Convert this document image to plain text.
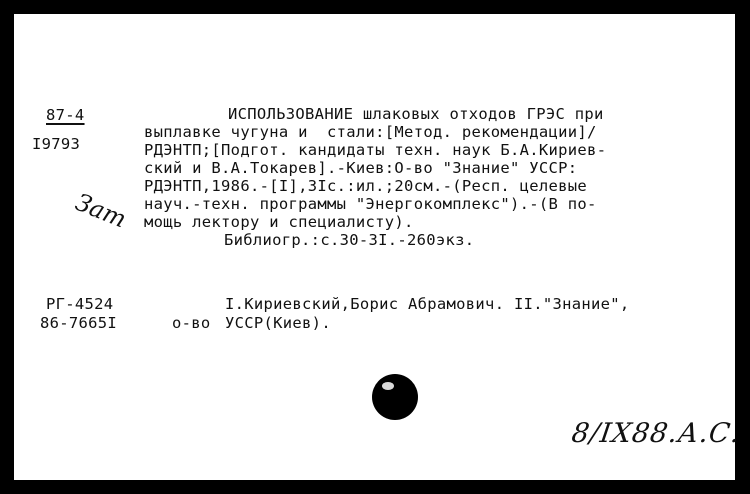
87-4
I9793
ИСПОЛЬЗОВАНИЕ шлаковых отходов ГРЭС при
выплавке чугуна и  стали:[Метод. рекомендации]/
РДЭНТП;[Подгот. кандидаты техн. наук Б.А.Кириев-
ский и В.А.Токарев].-Киев:О-во "Знание" УССР:
РДЭНТП,1986.-[I],3Iс.:ил.;20см.-(Респ. целевые
науч.-техн. программы "Энергокомплекс").-(В по-
мощь лектору и специалисту).
Библиогр.:с.30-3I.-260экз.
Зат
РГ-4524
86-7665I
I.Кириевский,Борис Абрамович. II."Знание",
о-во УССР(Киев).
8/IX88.А.С.
